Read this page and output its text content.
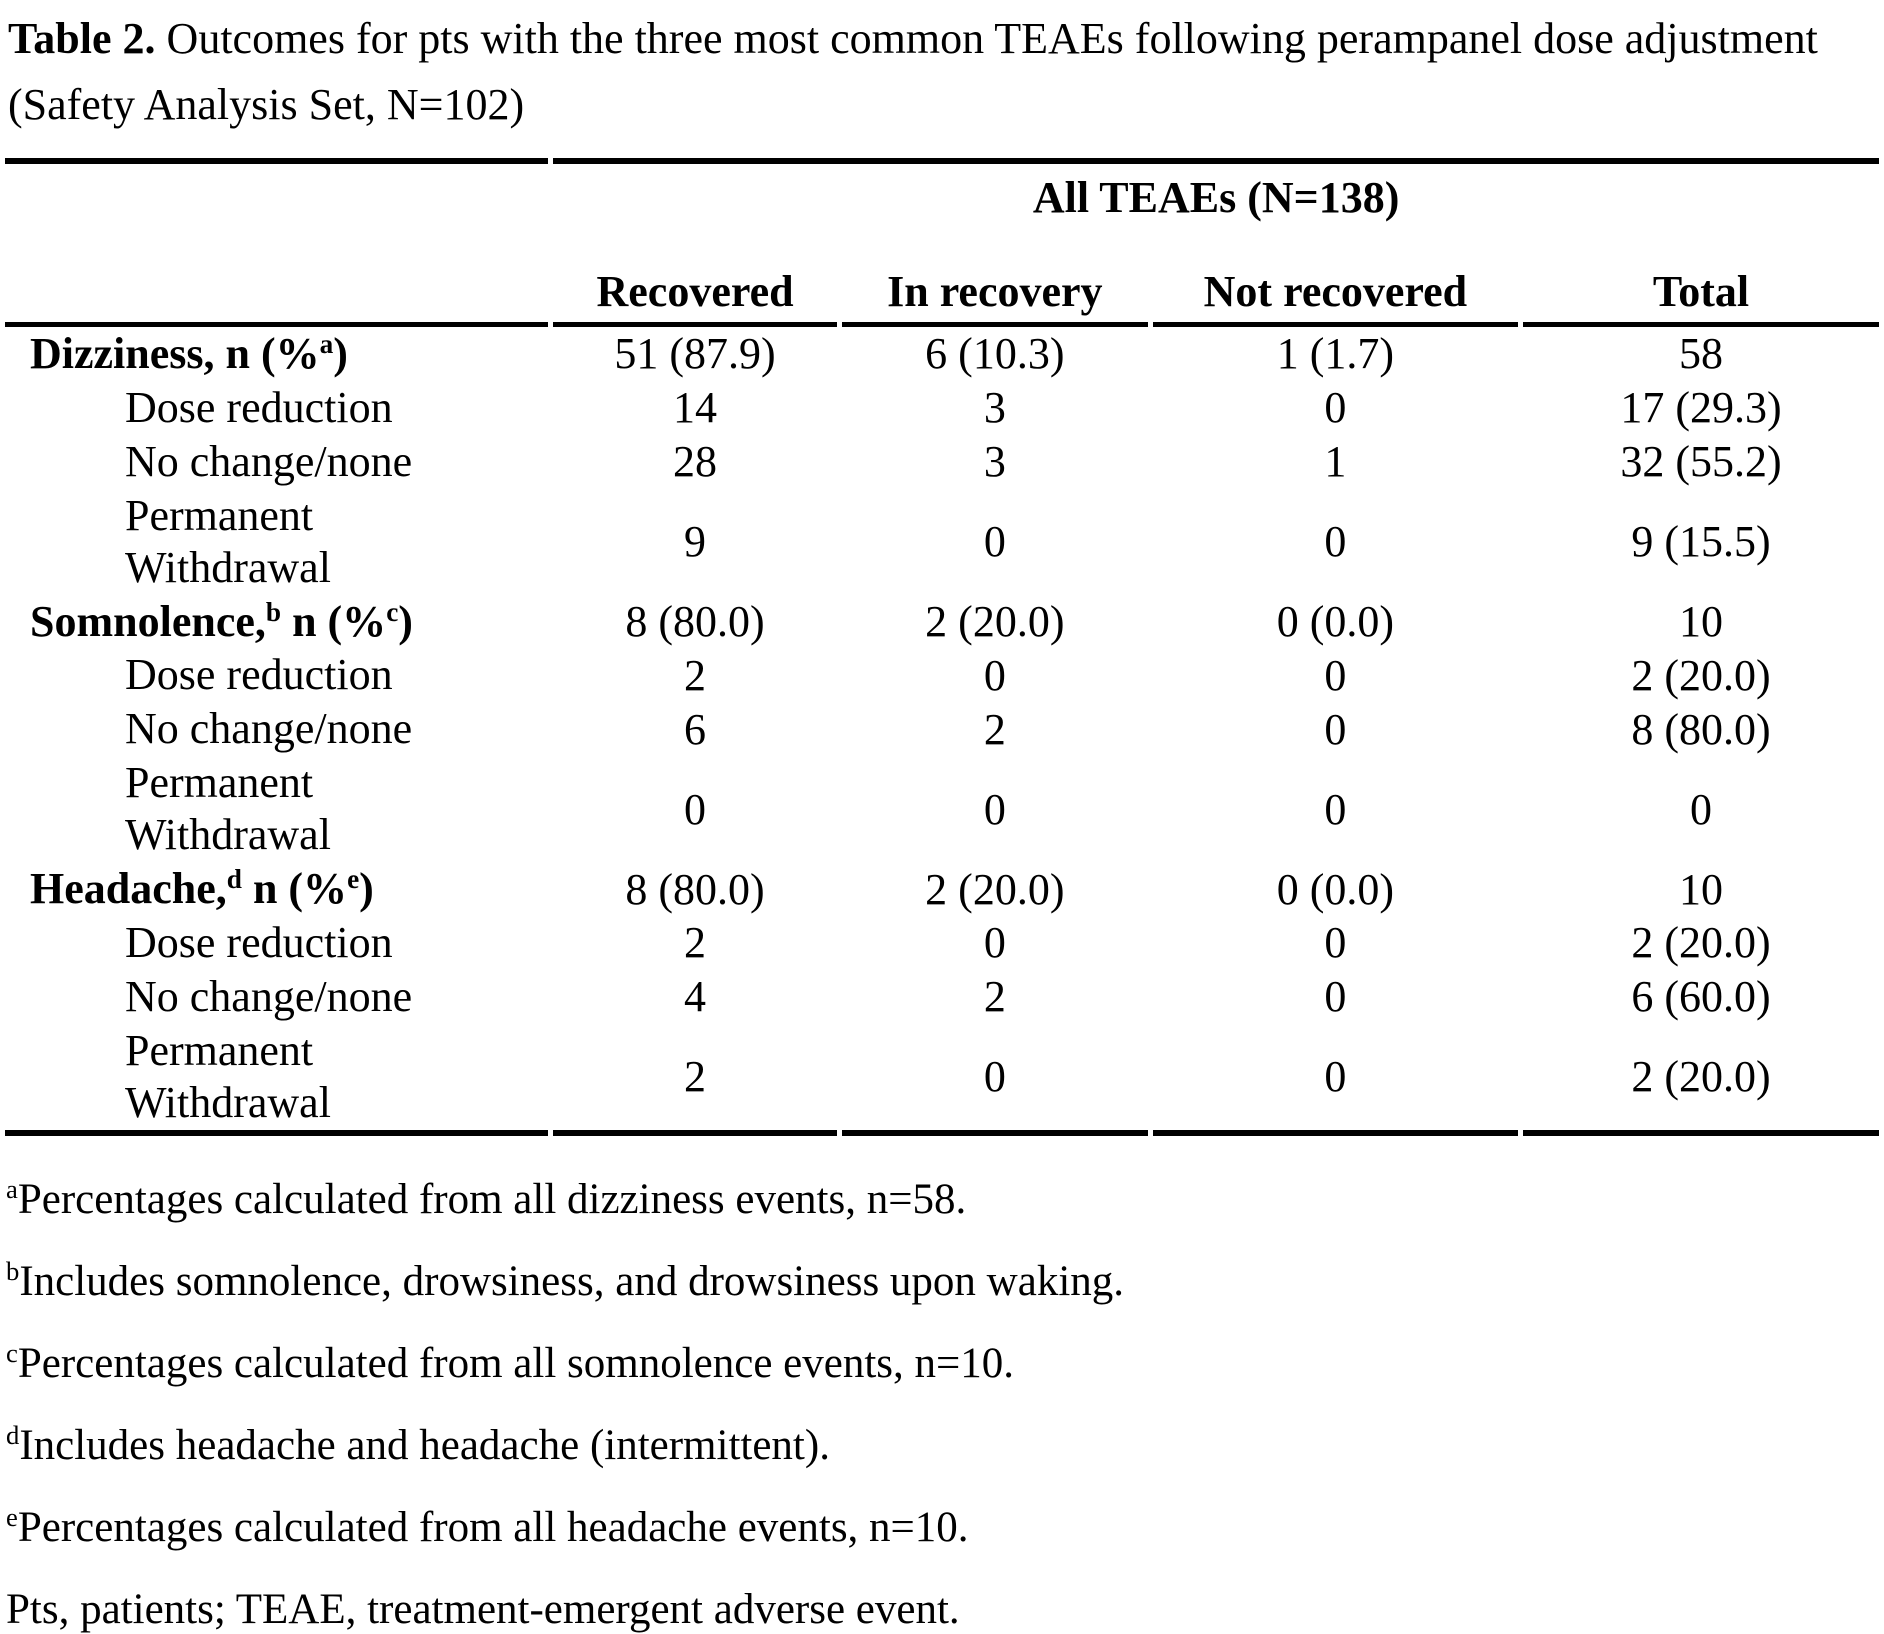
Table 2. Outcomes for pts with the three most common TEAEs following perampanel dose adjustment (Safety Analysis Set, N=102)

	All TEAEs (N=138)			
	Recovered	In recovery	Not recovered	Total
Dizziness, n (%$^a$)	51 (87.9)	6 (10.3)	1 (1.7)	58
Dose reduction	14	3	0	17 (29.3)
No change/none	28	3	1	32 (55.2)
Permanent
Withdrawal	9	0	0	9 (15.5)
Somnolence,$^b$ n (%$^c$)	8 (80.0)	2 (20.0)	0 (0.0)	10
Dose reduction	2	0	0	2 (20.0)
No change/none	6	2	0	8 (80.0)
Permanent
Withdrawal	0	0	0	0
Headache,$^d$ n (%$^e$)	8 (80.0)	2 (20.0)	0 (0.0)	10
Dose reduction	2	0	0	2 (20.0)
No change/none	4	2	0	6 (60.0)
Permanent
Withdrawal	2	0	0	2 (20.0)

$^a$Percentages calculated from all dizziness events, n=58.

$^b$Includes somnolence, drowsiness, and drowsiness upon waking.

$^c$Percentages calculated from all somnolence events, n=10.

$^d$Includes headache and headache (intermittent).

$^e$Percentages calculated from all headache events, n=10.

Pts, patients; TEAE, treatment-emergent adverse event.
